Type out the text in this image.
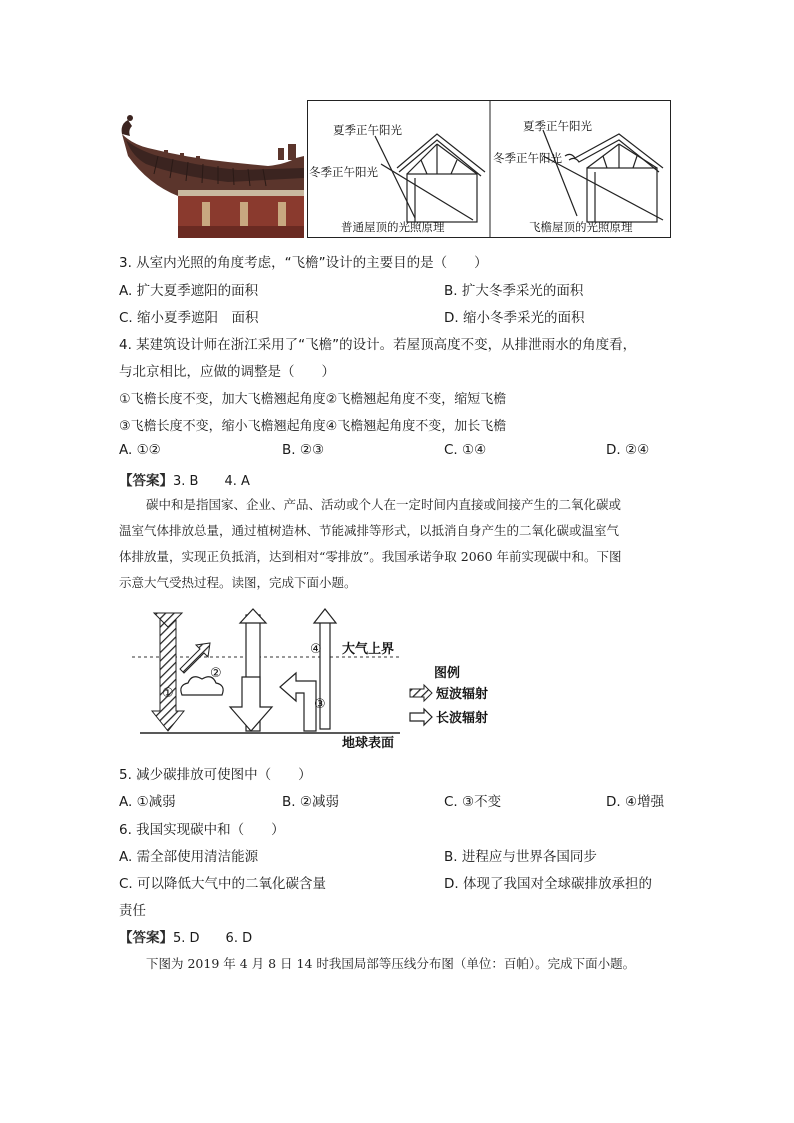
夏季正午阳光
冬季正午阳光
普通屋顶的光照原理
夏季正午阳光
冬季正午阳光
飞檐屋顶的光照原理
3. 从室内光照的角度考虑，“飞檐”设计的主要目的是（　　）
A. 扩大夏季遮阳的面积	B. 扩大冬季采光的面积
C. 缩小夏季遮阳　面积	D. 缩小冬季采光的面积
4. 某建筑设计师在浙江采用了“飞檐”的设计。若屋顶高度不变，从排泄雨水的角度看，
与北京相比，应做的调整是（　　）
①飞檐长度不变，加大飞檐翘起角度②飞檐翘起角度不变，缩短飞檐
③飞檐长度不变，缩小飞檐翘起角度④飞檐翘起角度不变，加长飞檐
A. ①②	B. ②③	C. ①④	D. ②④
【答案】3. B　　4. A
碳中和是指国家、企业、产品、活动或个人在一定时间内直接或间接产生的二氧化碳或
温室气体排放总量，通过植树造林、节能减排等形式，以抵消自身产生的二氧化碳或温室气
体排放量，实现正负抵消，达到相对“零排放”。我国承诺争取 2060 年前实现碳中和。下图
示意大气受热过程。读图，完成下面小题。
①
②
③
④ 大气上界
地球表面
图例
短波辐射
长波辐射
5. 减少碳排放可使图中（　　）
A. ①减弱	B. ②减弱	C. ③不变	D. ④增强
6. 我国实现碳中和（　　）
A. 需全部使用清洁能源	B. 进程应与世界各国同步
C. 可以降低大气中的二氧化碳含量	D. 体现了我国对全球碳排放承担的
责任
【答案】5. D　　6. D
下图为 2019 年 4 月 8 日 14 时我国局部等压线分布图（单位：百帕）。完成下面小题。
